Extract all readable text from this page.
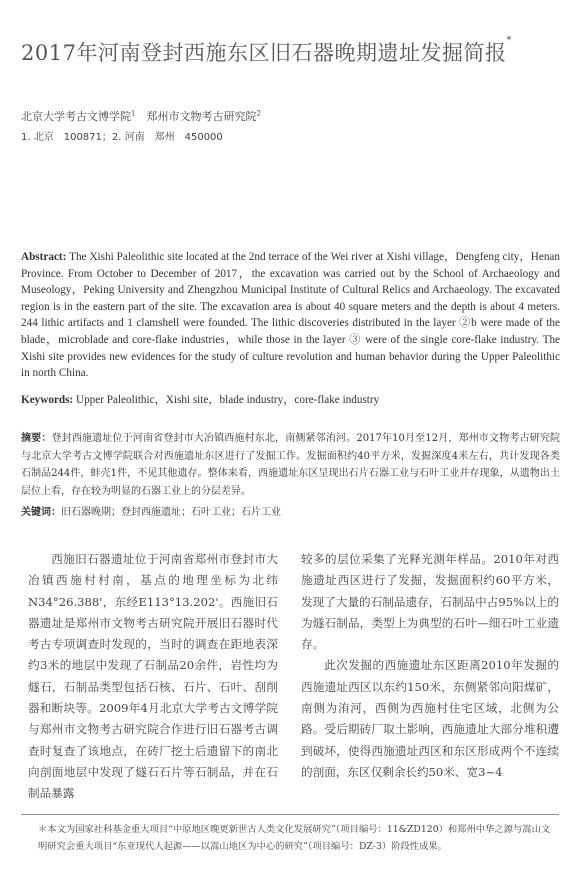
2017年河南登封西施东区旧石器晚期遗址发掘简报*
北京大学考古文博学院$^1$　 郑州市文物考古研究院$^2$
1. 北京　100871；2. 河南　郑州　450000
Abstract: The Xishi Paleolithic site located at the 2nd terrace of the Wei river at Xishi village，Dengfeng city，Henan Province. From October to December of 2017，the excavation was carried out by the School of Archaeology and Museology，Peking University and Zhengzhou Municipal Institute of Cultural Relics and Archaeology. The excavated region is in the eastern part of the site. The excavation area is about 40 square meters and the depth is about 4 meters. 244 lithic artifacts and 1 clamshell were founded. The lithic discoveries distributed in the layer ②b were made of the blade，microblade and core-flake industries，while those in the layer ③ were of the single core-flake industry. The Xishi site provides new evidences for the study of culture revolution and human behavior during the Upper Paleolithic in north China.
Keywords: Upper Paleolithic，Xishi site，blade industry，core-flake industry
摘要：登封西施遗址位于河南省登封市大冶镇西施村东北，南侧紧邻洧河。2017年10月至12月，郑州市文物考古研究院与北京大学考古文博学院联合对西施遗址东区进行了发掘工作。发掘面积约40平方米，发掘深度4米左右，共计发现各类石制品244件，蚌壳1件，不见其他遗存。整体来看，西施遗址东区呈现出石片石器工业与石叶工业并存现象，从遗物出土层位上看，存在较为明显的石器工业上的分层差异。
关键词：旧石器晚期；登封西施遗址；石叶工业；石片工业

西施旧石器遗址位于河南省郑州市登封市大冶镇西施村村南，基点的地理坐标为北纬N34°26.388'，东经E113°13.202'。西施旧石器遗址是郑州市文物考古研究院开展旧石器时代考古专项调查时发现的，当时的调查在距地表深约3米的地层中发现了石制品20余件，岩性均为燧石，石制品类型包括石核、石片、石叶、刮削器和断块等。2009年4月北京大学考古文博学院与郑州市文物考古研究院合作进行旧石器考古调查时复查了该地点，在砖厂挖土后遗留下的南北向剖面地层中发现了燧石石片等石制品，并在石制品暴露

较多的层位采集了光释光测年样品。2010年对西施遗址西区进行了发掘，发掘面积约60平方米，发现了大量的石制品遗存，石制品中占95%以上的为燧石制品，类型上为典型的石叶—细石叶工业遗存。

此次发掘的西施遗址东区距离2010年发掘的西施遗址西区以东约150米，东侧紧邻向阳煤矿，南侧为洧河，西侧为西施村住宅区域，北侧为公路。受后期砖厂取土影响，西施遗址大部分堆积遭到破坏，使得西施遗址西区和东区形成两个不连续的剖面，东区仅剩余长约50米、宽3~4

＊本文为国家社科基金重大项目“中原地区晚更新世古人类文化发展研究”（项目编号：11&ZD120）和郑州中华之源与嵩山文明研究会重大项目“东亚现代人起源——以嵩山地区为中心的研究”（项目编号：DZ-3）阶段性成果。
